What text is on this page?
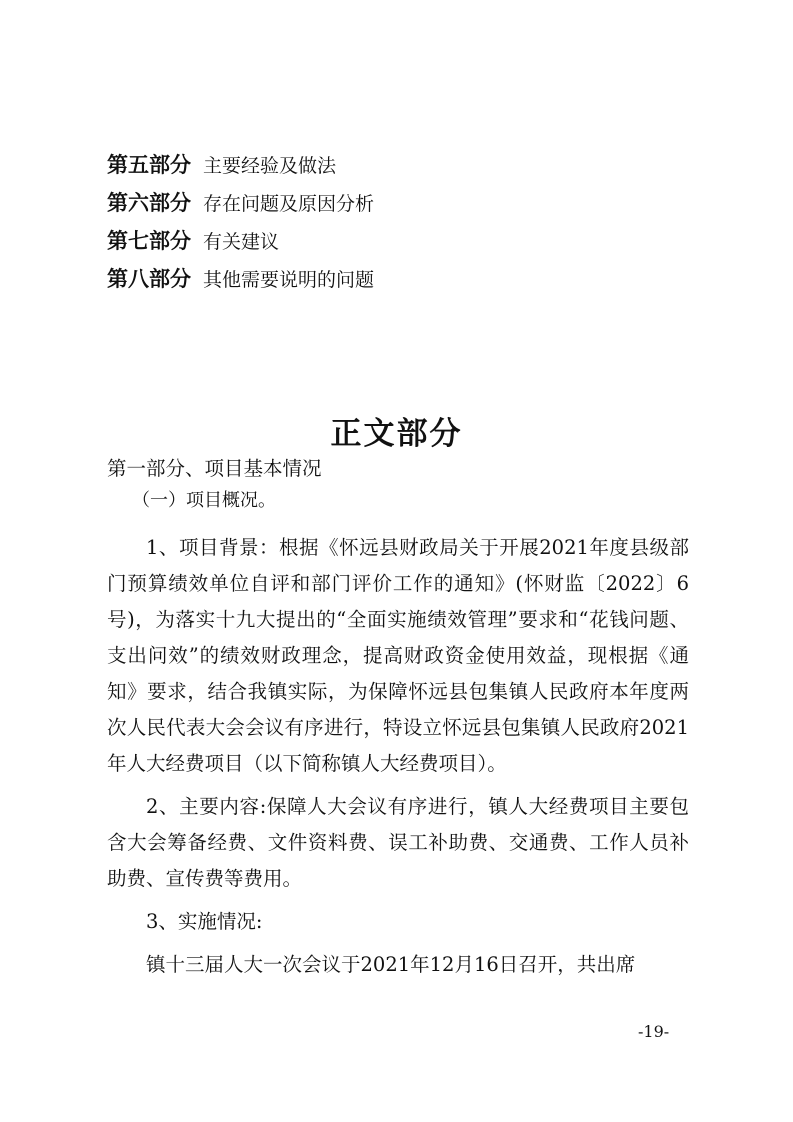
第五部分 主要经验及做法
第六部分 存在问题及原因分析
第七部分 有关建议
第八部分 其他需要说明的问题
正文部分
第一部分、项目基本情况
（一）项目概况。

1、项目背景：根据《怀远县财政局关于开展2021年度县级部门预算绩效单位自评和部门评价工作的通知》(怀财监〔2022〕6号)，为落实十九大提出的“全面实施绩效管理”要求和“花钱问题、支出问效”的绩效财政理念，提高财政资金使用效益，现根据《通知》要求，结合我镇实际，为保障怀远县包集镇人民政府本年度两次人民代表大会会议有序进行，特设立怀远县包集镇人民政府2021年人大经费项目（以下简称镇人大经费项目）。

2、主要内容:保障人大会议有序进行，镇人大经费项目主要包含大会筹备经费、文件资料费、误工补助费、交通费、工作人员补助费、宣传费等费用。

3、实施情况:

镇十三届人大一次会议于2021年12月16日召开，共出席

-19-
